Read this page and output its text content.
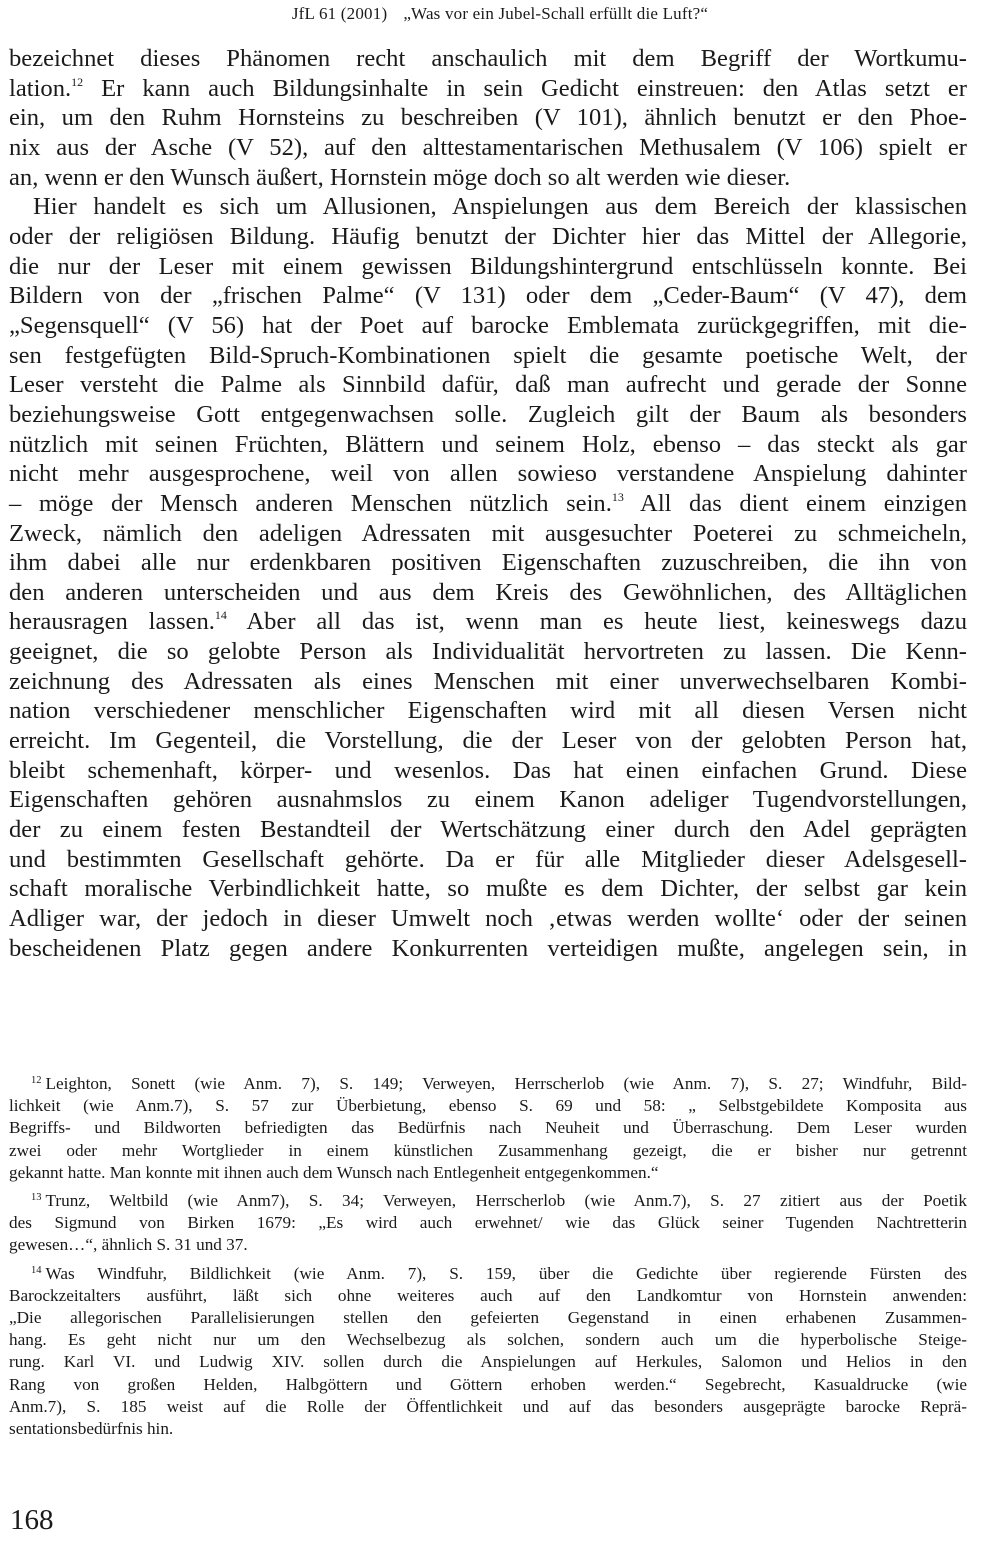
JfL 61 (2001) „Was vor ein Jubel-Schall erfüllt die Luft?“

bezeichnet dieses Phänomen recht anschaulich mit dem Begriff der Wortkumu-
lation.$^{12}$ Er kann auch Bildungsinhalte in sein Gedicht einstreuen: den Atlas setzt er
ein, um den Ruhm Hornsteins zu beschreiben (V 101), ähnlich benutzt er den Phoe-
nix aus der Asche (V 52), auf den alttestamentarischen Methusalem (V 106) spielt er
an, wenn er den Wunsch äußert, Hornstein möge doch so alt werden wie dieser.

Hier handelt es sich um Allusionen, Anspielungen aus dem Bereich der klassischen
oder der religiösen Bildung. Häufig benutzt der Dichter hier das Mittel der Allegorie,
die nur der Leser mit einem gewissen Bildungshintergrund entschlüsseln konnte. Bei
Bildern von der „frischen Palme“ (V 131) oder dem „Ceder-Baum“ (V 47), dem
„Segensquell“ (V 56) hat der Poet auf barocke Emblemata zurückgegriffen, mit die-
sen festgefügten Bild-Spruch-Kombinationen spielt die gesamte poetische Welt, der
Leser versteht die Palme als Sinnbild dafür, daß man aufrecht und gerade der Sonne
beziehungsweise Gott entgegenwachsen solle. Zugleich gilt der Baum als besonders
nützlich mit seinen Früchten, Blättern und seinem Holz, ebenso – das steckt als gar
nicht mehr ausgesprochene, weil von allen sowieso verstandene Anspielung dahinter
– möge der Mensch anderen Menschen nützlich sein.$^{13}$ All das dient einem einzigen
Zweck, nämlich den adeligen Adressaten mit ausgesuchter Poeterei zu schmeicheln,
ihm dabei alle nur erdenkbaren positiven Eigenschaften zuzuschreiben, die ihn von
den anderen unterscheiden und aus dem Kreis des Gewöhnlichen, des Alltäglichen
herausragen lassen.$^{14}$ Aber all das ist, wenn man es heute liest, keineswegs dazu
geeignet, die so gelobte Person als Individualität hervortreten zu lassen. Die Kenn-
zeichnung des Adressaten als eines Menschen mit einer unverwechselbaren Kombi-
nation verschiedener menschlicher Eigenschaften wird mit all diesen Versen nicht
erreicht. Im Gegenteil, die Vorstellung, die der Leser von der gelobten Person hat,
bleibt schemenhaft, körper- und wesenlos. Das hat einen einfachen Grund. Diese
Eigenschaften gehören ausnahmslos zu einem Kanon adeliger Tugendvorstellungen,
der zu einem festen Bestandteil der Wertschätzung einer durch den Adel geprägten
und bestimmten Gesellschaft gehörte. Da er für alle Mitglieder dieser Adelsgesell-
schaft moralische Verbindlichkeit hatte, so mußte es dem Dichter, der selbst gar kein
Adliger war, der jedoch in dieser Umwelt noch ‚etwas werden wollte‘ oder der seinen
bescheidenen Platz gegen andere Konkurrenten verteidigen mußte, angelegen sein, in

$^{12}$ Leighton, Sonett (wie Anm. 7), S. 149; Verweyen, Herrscherlob (wie Anm. 7), S. 27; Windfuhr, Bild-
lichkeit (wie Anm.7), S. 57 zur Überbietung, ebenso S. 69 und 58: „ Selbstgebildete Komposita aus
Begriffs- und Bildworten befriedigten das Bedürfnis nach Neuheit und Überraschung. Dem Leser wurden
zwei oder mehr Wortglieder in einem künstlichen Zusammenhang gezeigt, die er bisher nur getrennt
gekannt hatte. Man konnte mit ihnen auch dem Wunsch nach Entlegenheit entgegenkommen.“
$^{13}$ Trunz, Weltbild (wie Anm7), S. 34; Verweyen, Herrscherlob (wie Anm.7), S. 27 zitiert aus der Poetik
des Sigmund von Birken 1679: „Es wird auch erwehnet/ wie das Glück seiner Tugenden Nachtretterin
gewesen…“, ähnlich S. 31 und 37.
$^{14}$ Was Windfuhr, Bildlichkeit (wie Anm. 7), S. 159, über die Gedichte über regierende Fürsten des
Barockzeitalters ausführt, läßt sich ohne weiteres auch auf den Landkomtur von Hornstein anwenden:
„Die allegorischen Parallelisierungen stellen den gefeierten Gegenstand in einen erhabenen Zusammen-
hang. Es geht nicht nur um den Wechselbezug als solchen, sondern auch um die hyperbolische Steige-
rung. Karl VI. und Ludwig XIV. sollen durch die Anspielungen auf Herkules, Salomon und Helios in den
Rang von großen Helden, Halbgöttern und Göttern erhoben werden.“ Segebrecht, Kasualdrucke (wie
Anm.7), S. 185 weist auf die Rolle der Öffentlichkeit und auf das besonders ausgeprägte barocke Reprä-
sentationsbedürfnis hin.
168
